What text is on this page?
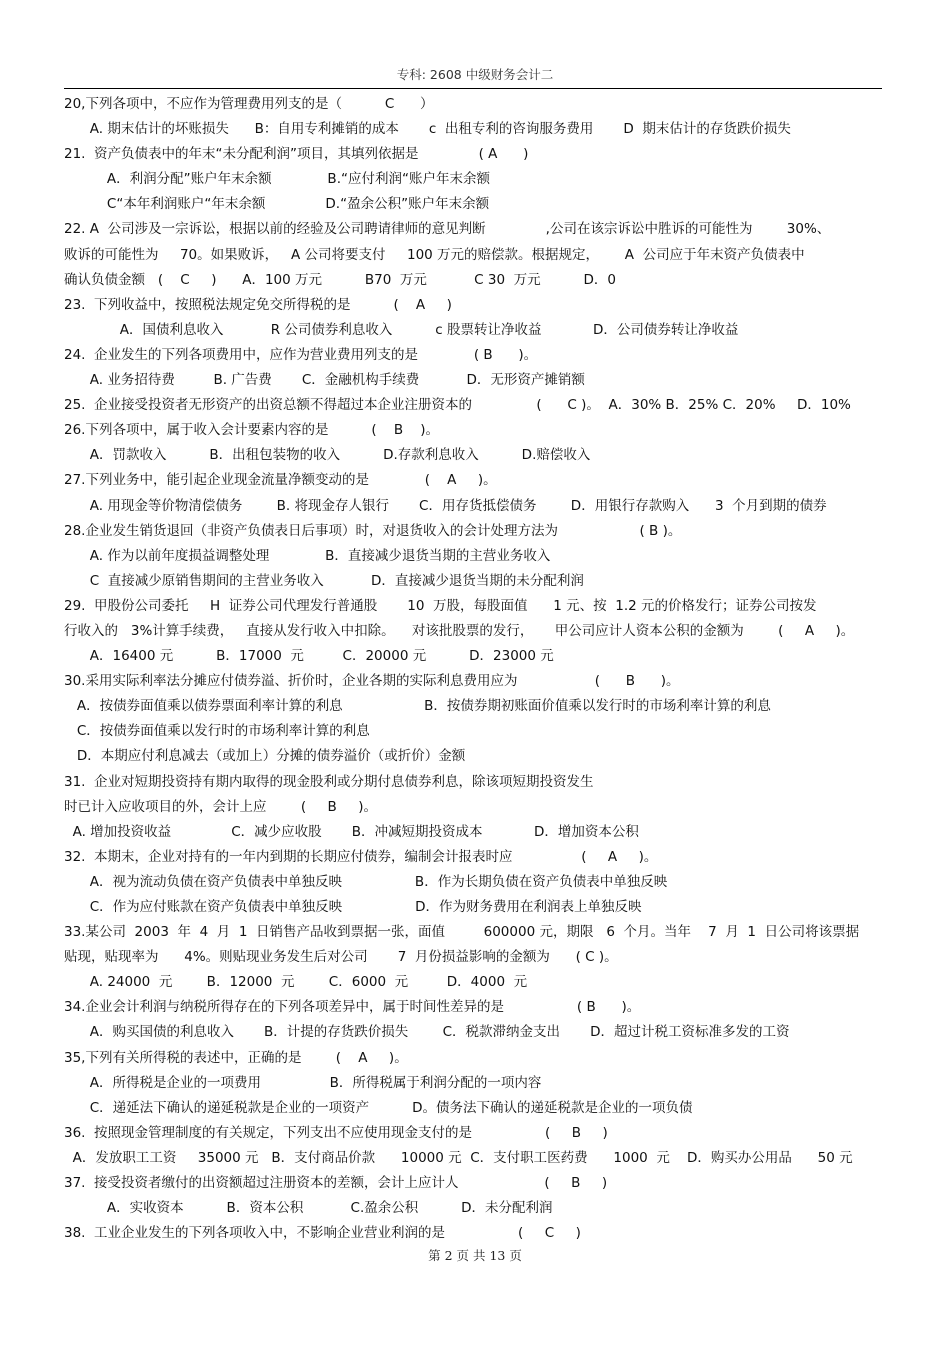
专科: 2608 中级财务会计二
20,下列各项中，不应作为管理费用列支的是（          C      ）
A. 期末估计的坏账损失      B：自用专利摊销的成本       c  出租专利的咨询服务费用       D  期末估计的存货跌价损失
21.  资产负债表中的年末“未分配利润”项目，其填列依据是              ( A      )
A．利润分配”账户年末余额             B.“应付利润“账户年末余额
C“本年利润账户“年末余额              D.“盈余公积”账户年末余额
22. A  公司涉及一宗诉讼，根据以前的经验及公司聘请律师的意见判断              ,公司在该宗诉讼中胜诉的可能性为        30%、
败诉的可能性为     70。如果败诉，   A 公司将要支付     100 万元的赔偿款。根据规定，      A  公司应于年末资产负债表中
确认负债金额   (    C     )      A．100 万元          B70  万元           C 30  万元          D．0
23.  下列收益中，按照税法规定免交所得税的是          (    A     )
A．国债利息收入           R 公司债券利息收入          c 股票转让净收益            D．公司债券转让净收益
24.  企业发生的下列各项费用中，应作为营业费用列支的是             ( B      )。
A. 业务招待费         B. 广告费       C．金融机构手续费           D．无形资产摊销额
25.  企业接受投资者无形资产的出资总额不得超过本企业注册资本的               (      C )。  A．30% B．25% C．20%     D．10%
26.下列各项中，属于收入会计要素内容的是          (    B    )。
A．罚款收入          B．出租包装物的收入          D.存款利息收入          D.赔偿收入
27.下列业务中，能引起企业现金流量净额变动的是             (    A     )。
A. 用现金等价物清偿债务        B. 将现金存人银行       C．用存货抵偿债务        D．用银行存款购入      3  个月到期的债券
28.企业发生销货退回（非资产负债表日后事项）时，对退货收入的会计处理方法为                   ( B )。
A. 作为以前年度损益调整处理             B．直接减少退货当期的主营业务收入
C  直接减少原销售期间的主营业务收入           D．直接减少退货当期的未分配利润
29.  甲股份公司委托     H  证券公司代理发行普通股       10  万股，每股面值      1 元、按  1.2 元的价格发行；证券公司按发
行收入的   3%计算手续费，   直接从发行收入中扣除。    对该批股票的发行，     甲公司应计人资本公积的金额为        (     A     )。
A．16400 元          B．17000  元         C．20000 元          D．23000 元
30.采用实际利率法分摊应付债券溢、折价时，企业各期的实际利息费用应为                  (      B      )。
A．按债券面值乘以债券票面利率计算的利息                   B．按债券期初账面价值乘以发行时的市场利率计算的利息
C．按债券面值乘以发行时的市场利率计算的利息
D．本期应付利息减去（或加上）分摊的债券溢价（或折价）金额
31.  企业对短期投资持有期内取得的现金股利或分期付息债券利息，除该项短期投资发生
时已计入应收项目的外，会计上应        (     B     )。
A. 增加投资收益              C．减少应收股       B．冲减短期投资成本            D．增加资本公积
32.  本期末，企业对持有的一年内到期的长期应付债券，编制会计报表时应                (     A     )。
A．视为流动负债在资产负债表中单独反映                 B．作为长期负债在资产负债表中单独反映
C．作为应付账款在资产负债表中单独反映                 D．作为财务费用在利润表上单独反映
33.某公司  2003  年  4  月  1  日销售产品收到票据一张，面值         600000 元，期限   6  个月。当年    7  月  1  日公司将该票据
贴现，贴现率为      4%。则贴现业务发生后对公司       7  月份损益影响的金额为      ( C )。
A. 24000  元        B．12000  元        C．6000  元         D．4000  元
34.企业会计利润与纳税所得存在的下列各项差异中，属于时间性差异的是                 ( B      )。
A．购买国债的利息收入       B．计提的存货跌价损失        C．税款滞纳金支出       D．超过计税工资标准多发的工资
35,下列有关所得税的表述中，正确的是        (    A     )。
A．所得税是企业的一项费用                B．所得税属于利润分配的一项内容
C．递延法下确认的递延税款是企业的一项资产          D。债务法下确认的递延税款是企业的一项负债
36.  按照现金管理制度的有关规定，下列支出不应使用现金支付的是                 (     B     )
A．发放职工工资     35000 元   B．支付商品价款      10000 元  C．支付职工医药费      1000  元    D．购买办公用品      50 元
37.  接受投资者缴付的出资额超过注册资本的差额，会计上应计人                    (     B     )
A．实收资本          B．资本公积           C.盈余公积          D．未分配利润
38.  工业企业发生的下列各项收入中，不影响企业营业利润的是                 (     C     )
第 2 页 共 13 页
